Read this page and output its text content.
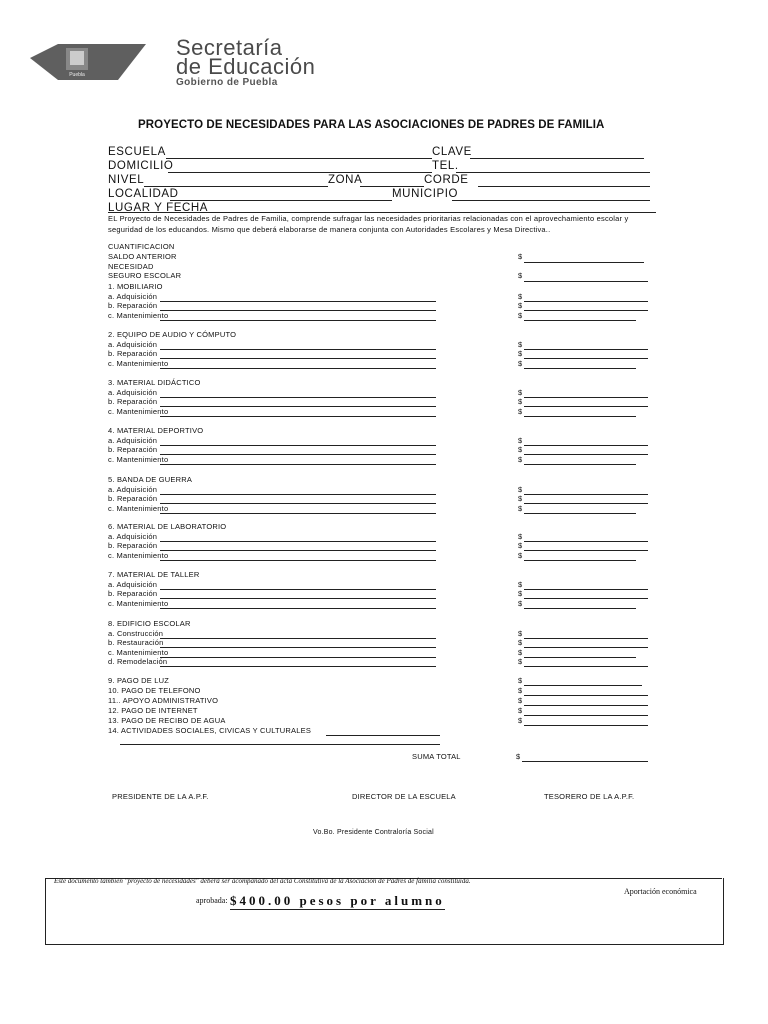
Puebla
Secretaría
de Educación
Gobierno de Puebla
PROYECTO DE NECESIDADES PARA LAS ASOCIACIONES DE PADRES DE FAMILIA
ESCUELA	CLAVE
DOMICILIO	TEL.
NIVEL	ZONA	CORDE
LOCALIDAD	MUNICIPIO
LUGAR Y FECHA
EL Proyecto de Necesidades de Padres de Familia, comprende sufragar las necesidades prioritarias relacionadas con el aprovechamiento escolar y seguridad de los educandos. Mismo que deberá elaborarse de manera conjunta con Autoridades Escolares y Mesa Directiva..
CUANTIFICACION
SALDO ANTERIOR	$
NECESIDAD
SEGURO ESCOLAR	$
1. MOBILIARIO
a. Adquisición	$
b. Reparación	$
c. Mantenimiento	$
2. EQUIPO DE AUDIO Y CÓMPUTO
a. Adquisición	$
b. Reparación	$
c. Mantenimiento	$
3. MATERIAL DIDÁCTICO
a. Adquisición	$
b. Reparación	$
c. Mantenimiento	$
4. MATERIAL DEPORTIVO
a. Adquisición	$
b. Reparación	$
c. Mantenimiento	$
5. BANDA DE GUERRA
a. Adquisición	$
b. Reparación	$
c. Mantenimiento	$
6. MATERIAL DE LABORATORIO
a. Adquisición	$
b. Reparación	$
c. Mantenimiento	$
7. MATERIAL DE TALLER
a. Adquisición	$
b. Reparación	$
c. Mantenimiento	$
8. EDIFICIO ESCOLAR
a. Construcción	$
b. Restauración	$
c. Mantenimiento	$
d. Remodelación	$
9. PAGO DE LUZ	$
10. PAGO DE TELEFONO	$
11.. APOYO ADMINISTRATIVO	$
12. PAGO DE INTERNET	$
13. PAGO DE RECIBO DE AGUA	$
14. ACTIVIDADES SOCIALES, CIVICAS Y CULTURALES
SUMA TOTAL	$
PRESIDENTE DE LA A.P.F.	DIRECTOR DE LA ESCUELA	TESORERO DE LA A.P.F.
Vo.Bo. Presidente Contraloría Social
Este documento también "proyecto de necesidades" deberá ser acompañado del acta Constitutiva de la Asociación de Padres de familia constituida.
Aportación económica
aprobada: $400.00 pesos por alumno
